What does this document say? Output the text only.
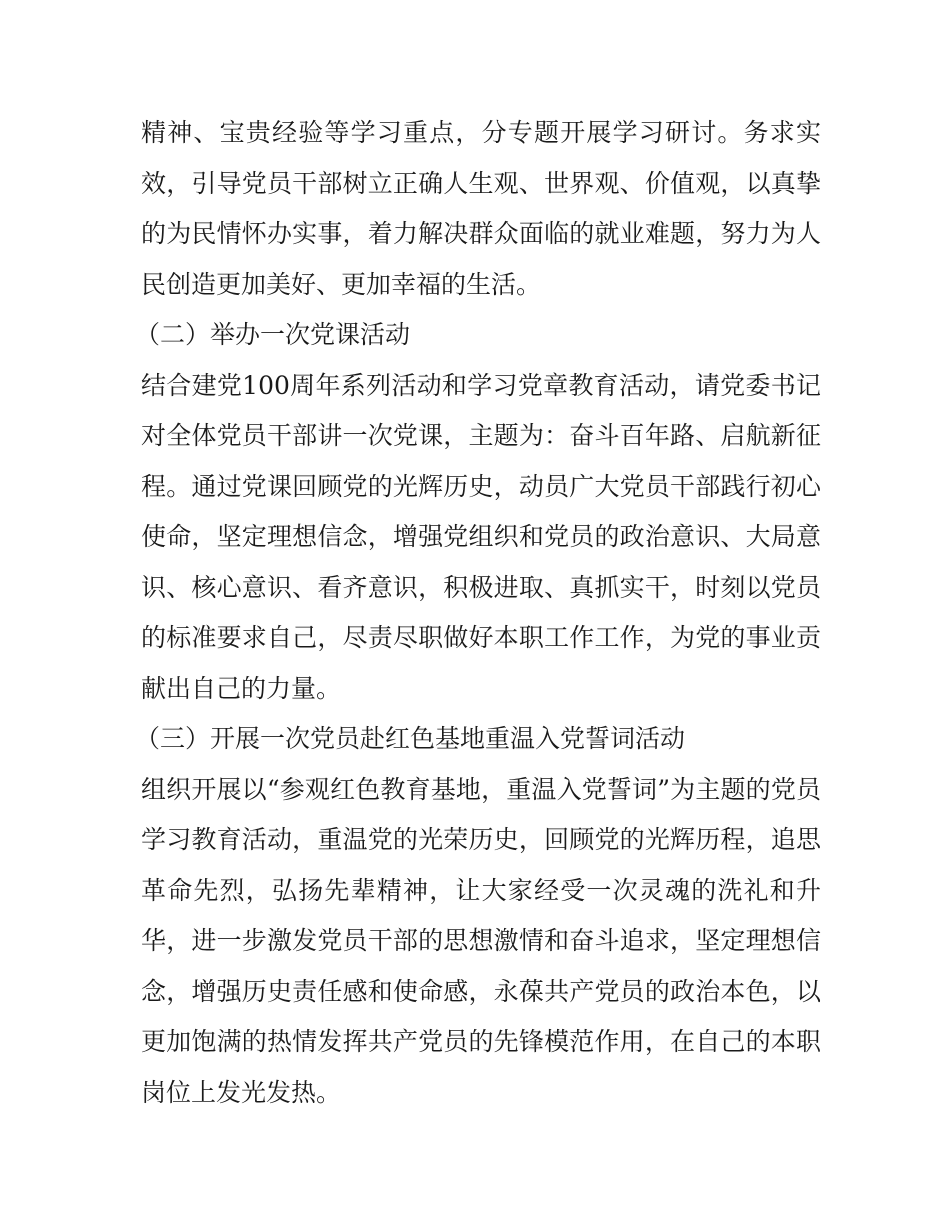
精神、宝贵经验等学习重点，分专题开展学习研讨。务求实
效，引导党员干部树立正确人生观、世界观、价值观，以真挚
的为民情怀办实事，着力解决群众面临的就业难题，努力为人
民创造更加美好、更加幸福的生活。
（二）举办一次党课活动
结合建党100周年系列活动和学习党章教育活动，请党委书记
对全体党员干部讲一次党课，主题为：奋斗百年路、启航新征
程。通过党课回顾党的光辉历史，动员广大党员干部践行初心
使命，坚定理想信念，增强党组织和党员的政治意识、大局意
识、核心意识、看齐意识，积极进取、真抓实干，时刻以党员
的标准要求自己，尽责尽职做好本职工作工作，为党的事业贡
献出自己的力量。
（三）开展一次党员赴红色基地重温入党誓词活动
组织开展以“参观红色教育基地，重温入党誓词”为主题的党员
学习教育活动，重温党的光荣历史，回顾党的光辉历程，追思
革命先烈，弘扬先辈精神，让大家经受一次灵魂的洗礼和升
华，进一步激发党员干部的思想激情和奋斗追求，坚定理想信
念，增强历史责任感和使命感，永葆共产党员的政治本色，以
更加饱满的热情发挥共产党员的先锋模范作用，在自己的本职
岗位上发光发热。
